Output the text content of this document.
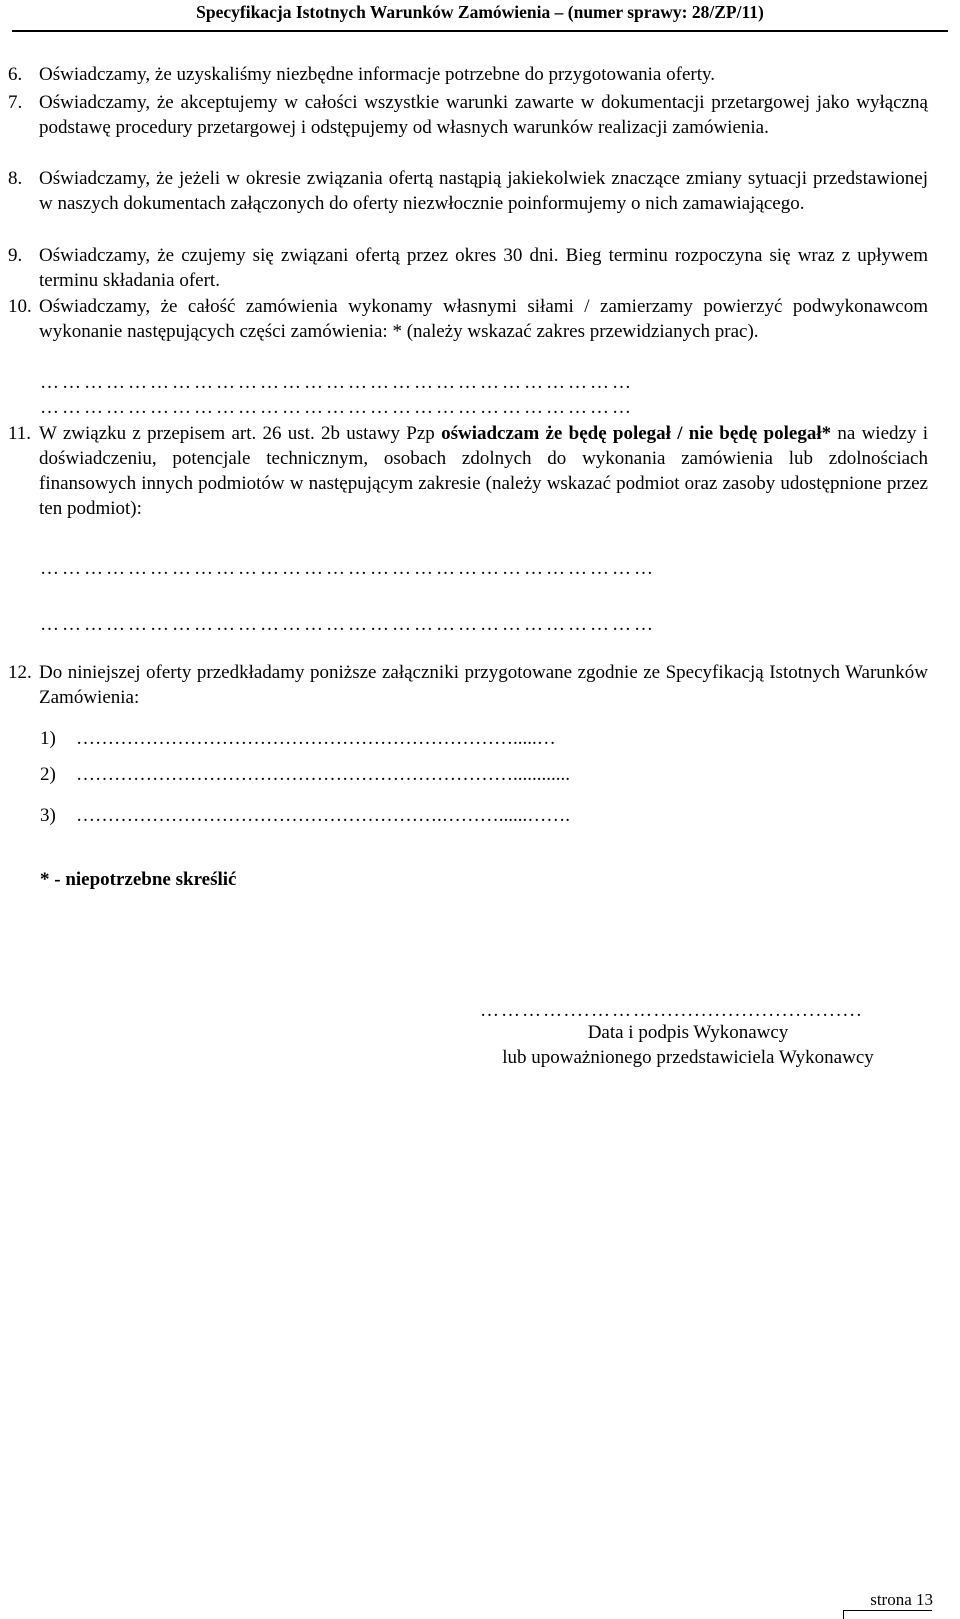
Specyfikacja Istotnych Warunków Zamówienia – (numer sprawy: 28/ZP/11)
6. Oświadczamy, że uzyskaliśmy niezbędne informacje potrzebne do przygotowania oferty.
7. Oświadczamy, że akceptujemy w całości wszystkie warunki zawarte w dokumentacji przetargowej jako wyłączną podstawę procedury przetargowej i odstępujemy od własnych warunków realizacji zamówienia.
8. Oświadczamy, że jeżeli w okresie związania ofertą nastąpią jakiekolwiek znaczące zmiany sytuacji przedstawionej w naszych dokumentach załączonych do oferty niezwłocznie poinformujemy o nich zamawiającego.
9. Oświadczamy, że czujemy się związani ofertą przez okres 30 dni. Bieg terminu rozpoczyna się wraz z upływem terminu składania ofert.
10. Oświadczamy, że całość zamówienia wykonamy własnymi siłami / zamierzamy powierzyć podwykonawcom wykonanie następujących części zamówienia: * (należy wskazać zakres przewidzianych prac).
………………………………………………………………………
………………………………………………………………………
11. W związku z przepisem art. 26 ust. 2b ustawy Pzp oświadczam że będę polegał / nie będę polegał* na wiedzy i doświadczeniu, potencjale technicznym, osobach zdolnych do wykonania zamówienia lub zdolnościach finansowych innych podmiotów w następującym zakresie (należy wskazać podmiot oraz zasoby udostępnione przez ten podmiot):
…………………………………………………………………………
…………………………………………………………………………
12. Do niniejszej oferty przedkładamy poniższe załączniki przygotowane zgodnie ze Specyfikacją Istotnych Warunków Zamówienia:
1) …………………………………………………………….....…
2) ……………………………………………………………............
3) ………………………………………………….………......…….
* - niepotrzebne skreślić
…………....………...............................
Data i podpis Wykonawcy
lub upoważnionego przedstawiciela Wykonawcy
strona 13
